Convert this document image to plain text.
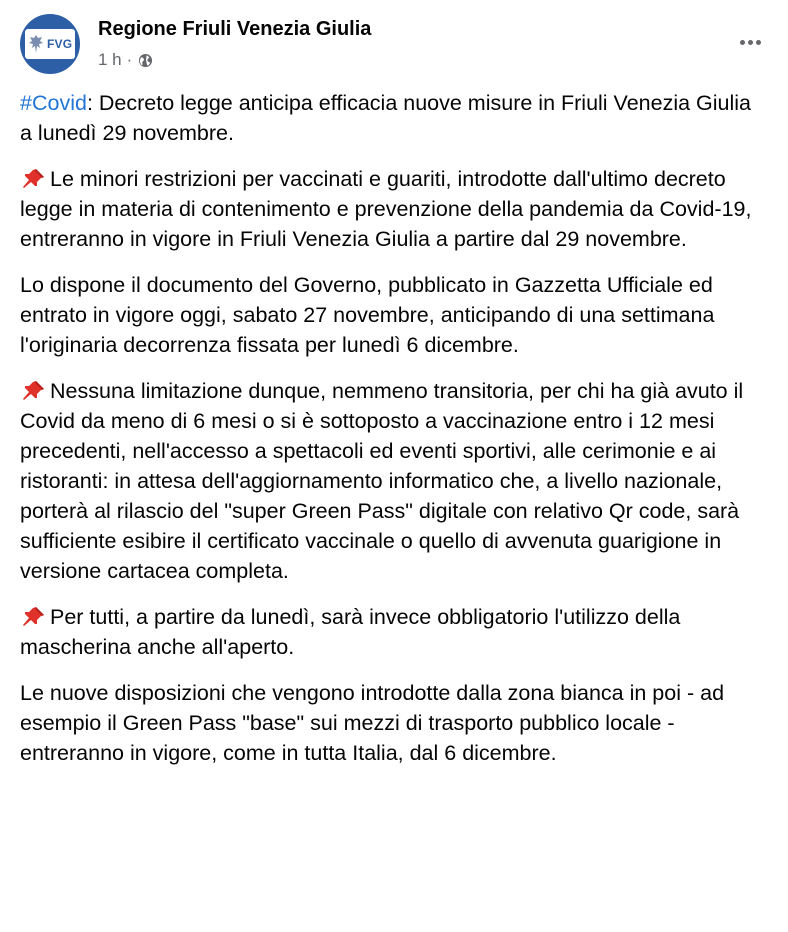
FVG
Regione Friuli Venezia Giulia
1 h ·

#Covid: Decreto legge anticipa efficacia nuove misure in Friuli Venezia Giulia a lunedì 29 novembre.

Le minori restrizioni per vaccinati e guariti, introdotte dall'ultimo decreto legge in materia di contenimento e prevenzione della pandemia da Covid-19, entreranno in vigore in Friuli Venezia Giulia a partire dal 29 novembre.

Lo dispone il documento del Governo, pubblicato in Gazzetta Ufficiale ed entrato in vigore oggi, sabato 27 novembre, anticipando di una settimana l'originaria decorrenza fissata per lunedì 6 dicembre.

Nessuna limitazione dunque, nemmeno transitoria, per chi ha già avuto il Covid da meno di 6 mesi o si è sottoposto a vaccinazione entro i 12 mesi precedenti, nell'accesso a spettacoli ed eventi sportivi, alle cerimonie e ai ristoranti: in attesa dell'aggiornamento informatico che, a livello nazionale, porterà al rilascio del "super Green Pass" digitale con relativo Qr code, sarà sufficiente esibire il certificato vaccinale o quello di avvenuta guarigione in versione cartacea completa.

Per tutti, a partire da lunedì, sarà invece obbligatorio l'utilizzo della mascherina anche all'aperto.

Le nuove disposizioni che vengono introdotte dalla zona bianca in poi - ad esempio il Green Pass "base" sui mezzi di trasporto pubblico locale - entreranno in vigore, come in tutta Italia, dal 6 dicembre.
